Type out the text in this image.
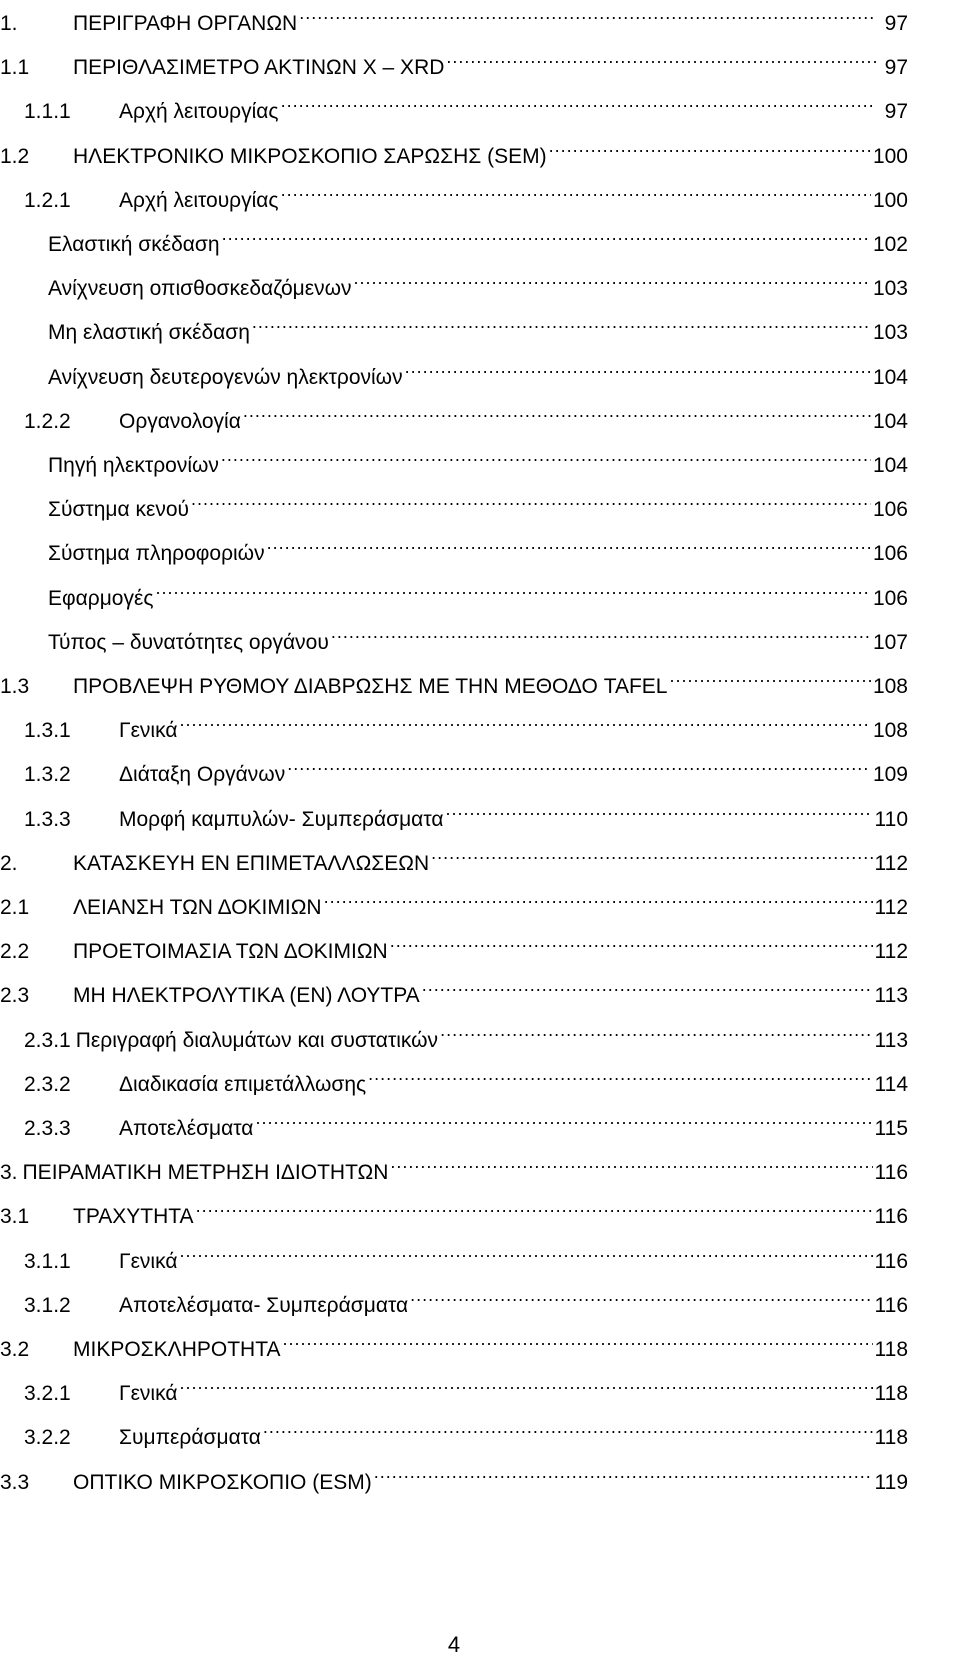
1.	ΠΕΡΙΓΡΑΦΗ ΟΡΓΑΝΩΝ .....	97
1.1	ΠΕΡΙΘΛΑΣΙΜΕΤΡΟ ΑΚΤΙΝΩΝ Χ – XRD .....	97
1.1.1	Αρχή λειτουργίας .....	97
1.2	ΗΛΕΚΤΡΟΝΙΚΟ ΜΙΚΡΟΣΚΟΠΙΟ ΣΑΡΩΣΗΣ (SEM) .....	100
1.2.1	Αρχή λειτουργίας .....	100
Ελαστική σκέδαση .....	102
Ανίχνευση οπισθοσκεδαζόμενων .....	103
Μη ελαστική σκέδαση .....	103
Ανίχνευση δευτερογενών ηλεκτρονίων .....	104
1.2.2	Οργανολογία .....	104
Πηγή ηλεκτρονίων .....	104
Σύστημα κενού .....	106
Σύστημα πληροφοριών .....	106
Εφαρμογές .....	106
Τύπος – δυνατότητες οργάνου .....	107
1.3	ΠΡΟΒΛΕΨΗ ΡΥΘΜΟΥ ΔΙΑΒΡΩΣΗΣ ΜΕ ΤΗΝ ΜΕΘΟΔΟ TAFEL .....	108
1.3.1	Γενικά .....	108
1.3.2	Διάταξη Οργάνων .....	109
1.3.3	Μορφή καμπυλών- Συμπεράσματα .....	110
2.	ΚΑΤΑΣΚΕΥΗ ΕΝ ΕΠΙΜΕΤΑΛΛΩΣΕΩΝ .....	112
2.1	ΛΕΙΑΝΣΗ ΤΩΝ ΔΟΚΙΜΙΩΝ .....	112
2.2	ΠΡΟΕΤΟΙΜΑΣΙΑ ΤΩΝ ΔΟΚΙΜΙΩΝ .....	112
2.3	ΜΗ ΗΛΕΚΤΡΟΛΥΤΙΚΑ (ΕΝ) ΛΟΥΤΡΑ .....	113
2.3.1 Περιγραφή διαλυμάτων και συστατικών .....	113
2.3.2	Διαδικασία επιμετάλλωσης .....	114
2.3.3	Αποτελέσματα .....	115
3. ΠΕΙΡΑΜΑΤΙΚΗ ΜΕΤΡΗΣΗ ΙΔΙΟΤΗΤΩΝ .....	116
3.1	ΤΡΑΧΥΤΗΤΑ .....	116
3.1.1	Γενικά .....	116
3.1.2	Αποτελέσματα- Συμπεράσματα .....	116
3.2	ΜΙΚΡΟΣΚΛΗΡΟΤΗΤΑ .....	118
3.2.1	Γενικά .....	118
3.2.2	Συμπεράσματα .....	118
3.3	ΟΠΤΙΚΟ ΜΙΚΡΟΣΚΟΠΙΟ (ESM) .....	119
4
